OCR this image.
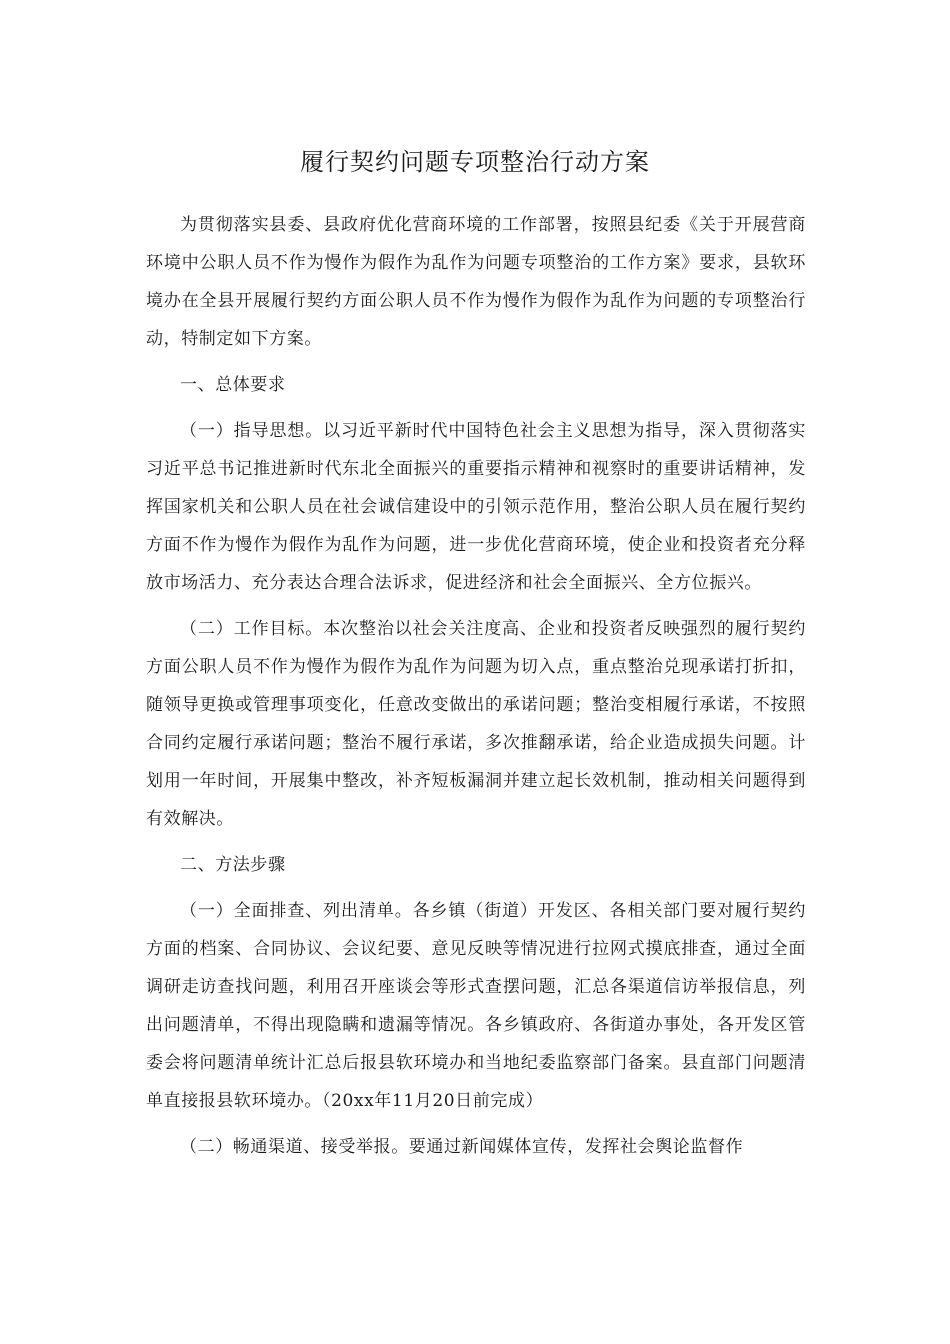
履行契约问题专项整治行动方案

为贯彻落实县委、县政府优化营商环境的工作部署，按照县纪委《关于开展营商环境中公职人员不作为慢作为假作为乱作为问题专项整治的工作方案》要求，县软环境办在全县开展履行契约方面公职人员不作为慢作为假作为乱作为问题的专项整治行动，特制定如下方案。

一、总体要求

（一）指导思想。以习近平新时代中国特色社会主义思想为指导，深入贯彻落实习近平总书记推进新时代东北全面振兴的重要指示精神和视察时的重要讲话精神，发挥国家机关和公职人员在社会诚信建设中的引领示范作用，整治公职人员在履行契约方面不作为慢作为假作为乱作为问题，进一步优化营商环境，使企业和投资者充分释放市场活力、充分表达合理合法诉求，促进经济和社会全面振兴、全方位振兴。

（二）工作目标。本次整治以社会关注度高、企业和投资者反映强烈的履行契约方面公职人员不作为慢作为假作为乱作为问题为切入点，重点整治兑现承诺打折扣，随领导更换或管理事项变化，任意改变做出的承诺问题；整治变相履行承诺，不按照合同约定履行承诺问题；整治不履行承诺，多次推翻承诺，给企业造成损失问题。计划用一年时间，开展集中整改，补齐短板漏洞并建立起长效机制，推动相关问题得到有效解决。

二、方法步骤

（一）全面排查、列出清单。各乡镇（街道）开发区、各相关部门要对履行契约方面的档案、合同协议、会议纪要、意见反映等情况进行拉网式摸底排查，通过全面调研走访查找问题，利用召开座谈会等形式查摆问题，汇总各渠道信访举报信息，列出问题清单，不得出现隐瞒和遗漏等情况。各乡镇政府、各街道办事处，各开发区管委会将问题清单统计汇总后报县软环境办和当地纪委监察部门备案。县直部门问题清单直接报县软环境办。（20xx年11月20日前完成）

（二）畅通渠道、接受举报。要通过新闻媒体宣传，发挥社会舆论监督作
